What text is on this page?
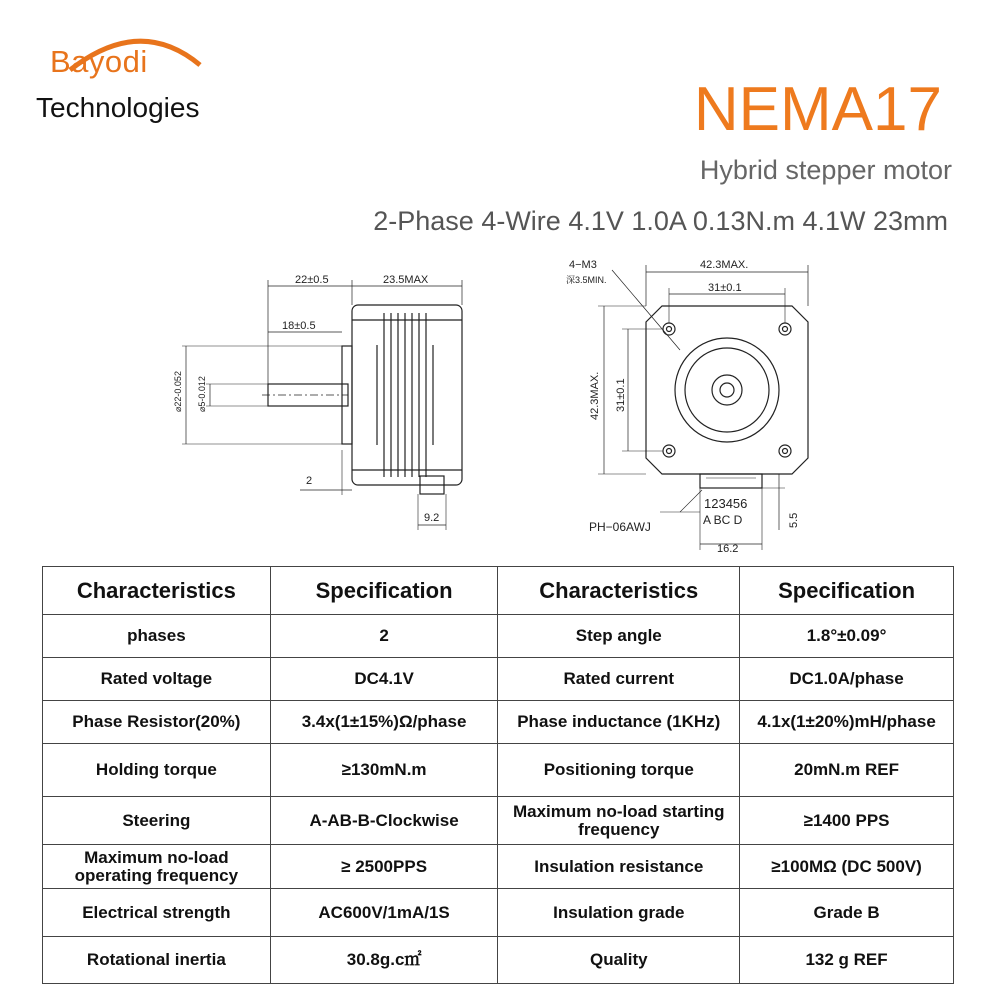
Bayodi
Technologies	NEMA17
Hybrid stepper motor
2-Phase 4-Wire 4.1V 1.0A 0.13N.m 4.1W 23mm
22±0.5	23.5MAX
18±0.5
2
9.2
⌀22-0.052 ⌀5-0.012
4−M3
深3.5MIN.
42.3MAX.
31±0.1
42.3MAX. 31±0.1
123456
A BC D
PH−06AWJ
16.2
5.5
Characteristics	Specification	Characteristics	Specification
phases	2	Step angle	1.8°±0.09°
Rated voltage	DC4.1V	Rated current	DC1.0A/phase
Phase Resistor(20%)	3.4x(1±15%)Ω/phase	Phase inductance (1KHz)	4.1x(1±20%)mH/phase
Holding torque	≥130mN.m	Positioning torque	20mN.m REF
Steering	A-AB-B-Clockwise	Maximum no-load starting frequency	≥1400 PPS
Maximum no-load operating frequency	≥ 2500PPS	Insulation resistance	≥100MΩ (DC 500V)
Electrical strength	AC600V/1mA/1S	Insulation grade	Grade B
Rotational inertia	30.8g.c㎡	Quality	132 g REF
